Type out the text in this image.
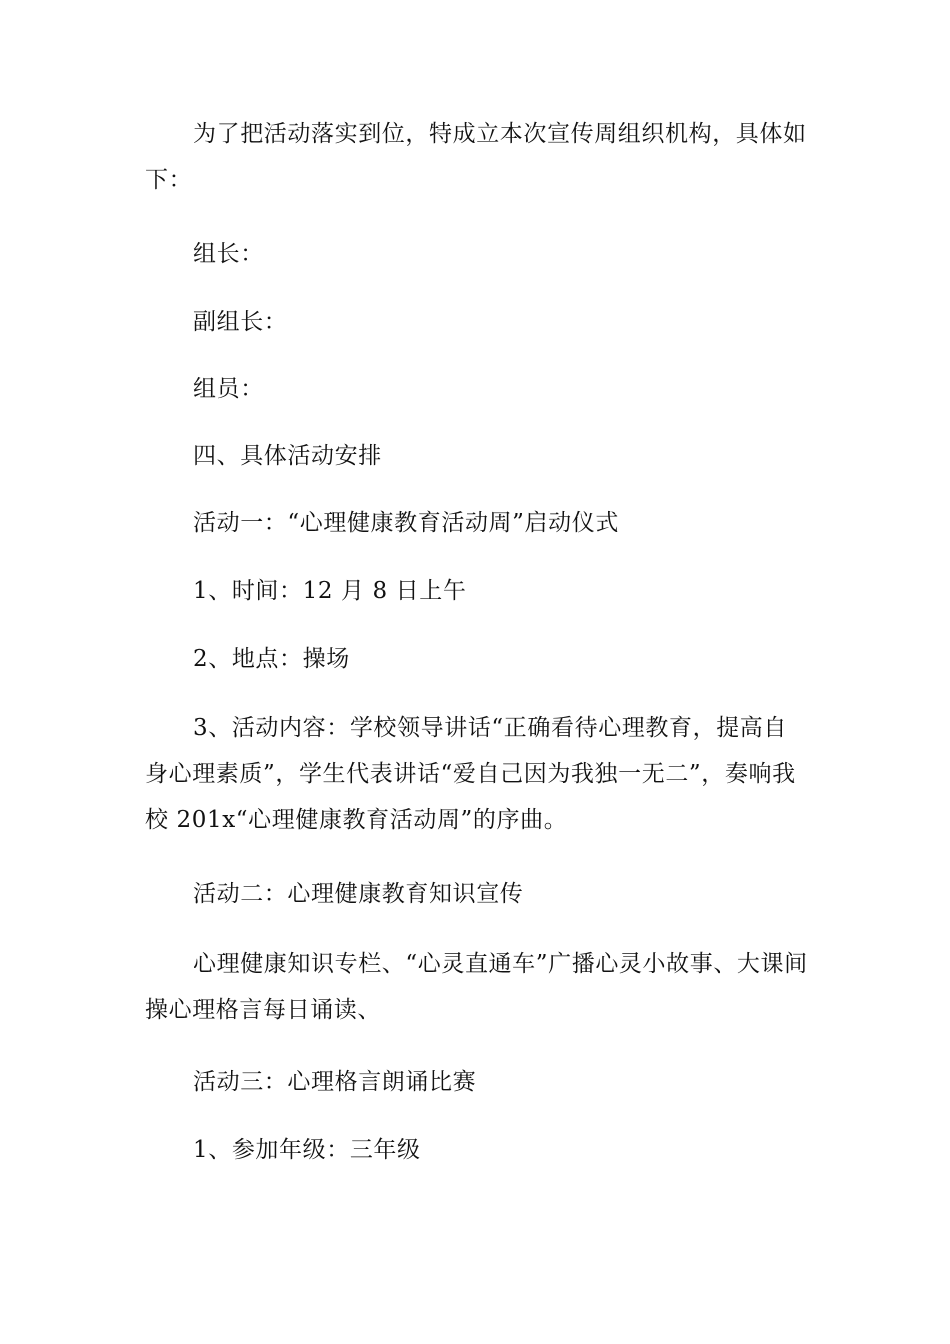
为了把活动落实到位，特成立本次宣传周组织机构，具体如下：

组长：

副组长：

组员：

四、具体活动安排

活动一：“心理健康教育活动周”启动仪式

1、时间：12 月 8 日上午

2、地点：操场

3、活动内容：学校领导讲话“正确看待心理教育，提高自身心理素质”，学生代表讲话“爱自己因为我独一无二”，奏响我校 201x“心理健康教育活动周”的序曲。

活动二：心理健康教育知识宣传

心理健康知识专栏、“心灵直通车”广播心灵小故事、大课间操心理格言每日诵读、

活动三：心理格言朗诵比赛

1、参加年级：三年级
